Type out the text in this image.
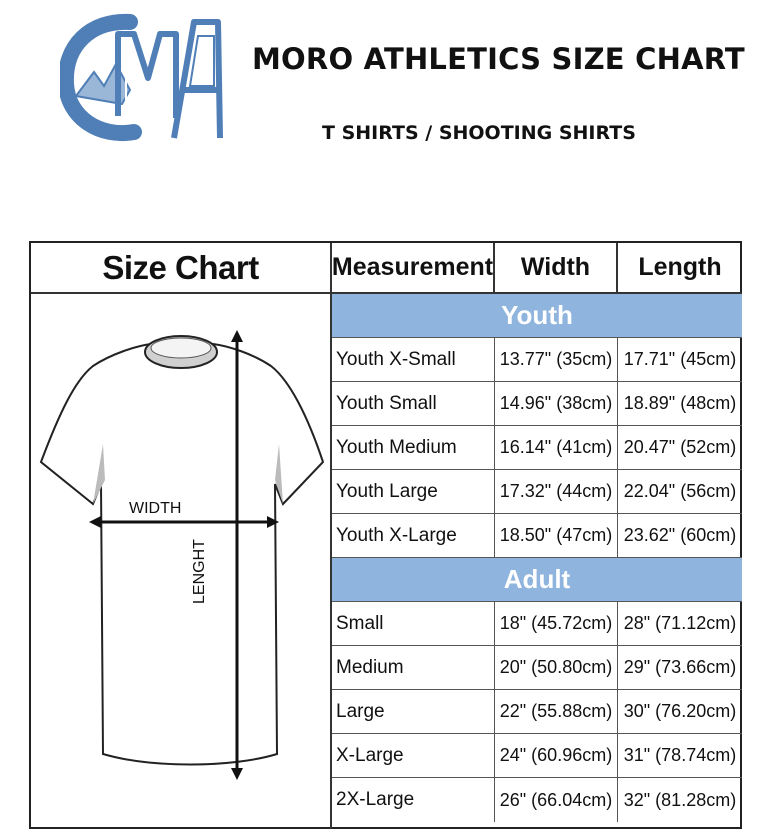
MORO ATHLETICS SIZE CHART
T SHIRTS / SHOOTING SHIRTS
Size Chart
WIDTH
LENGHT
Measurement	Width	Length
Youth
Youth X-Small	13.77" (35cm) 17.71" (45cm)
Youth Small	14.96" (38cm) 18.89" (48cm)
Youth Medium	16.14" (41cm) 20.47" (52cm)
Youth Large	17.32" (44cm) 22.04" (56cm)
Youth X-Large	18.50" (47cm) 23.62" (60cm)
Adult
Small	18" (45.72cm) 28" (71.12cm)
Medium	20" (50.80cm) 29" (73.66cm)
Large	22" (55.88cm) 30" (76.20cm)
X-Large	24" (60.96cm) 31" (78.74cm)
2X-Large	26" (66.04cm) 32" (81.28cm)
